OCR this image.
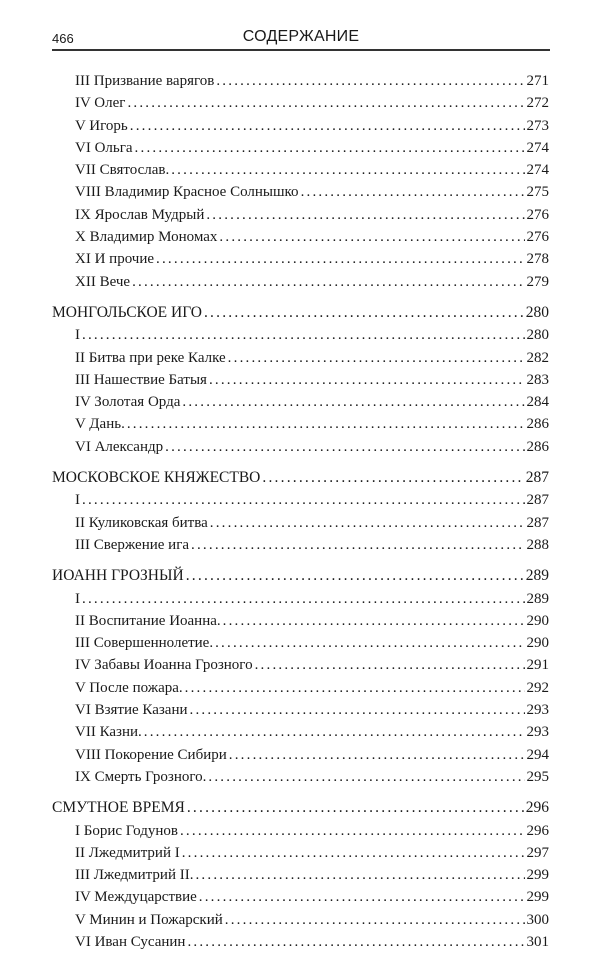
466	СОДЕРЖАНИЕ
III Призвание варягов .....	271
IV Олег .....	272
V Игорь .....	273
VI Ольга .....	274
VII Святослав. .....	274
VIII Владимир Красное Солнышко .....	275
IX Ярослав Мудрый .....	276
X Владимир Мономах .....	276
XI И прочие .....	278
XII Вече .....	279
МОНГОЛЬСКОЕ ИГО .....	280
I .....	280
II Битва при реке Калке .....	282
III Нашествие Батыя .....	283
IV Золотая Орда .....	284
V Дань. .....	286
VI Александр .....	286
МОСКОВСКОЕ КНЯЖЕСТВО .....	287
I .....	287
II Куликовская битва .....	287
III Свержение ига .....	288
ИОАНН ГРОЗНЫЙ .....	289
I .....	289
II Воспитание Иоанна. .....	290
III Совершеннолетие. .....	290
IV Забавы Иоанна Грозного .....	291
V После пожара. .....	292
VI Взятие Казани .....	293
VII Казни. .....	293
VIII Покорение Сибири .....	294
IX Смерть Грозного. .....	295
СМУТНОЕ ВРЕМЯ .....	296
I Борис Годунов .....	296
II Лжедмитрий I .....	297
III Лжедмитрий II. .....	299
IV Междуцарствие .....	299
V Минин и Пожарский .....	300
VI Иван Сусанин .....	301
